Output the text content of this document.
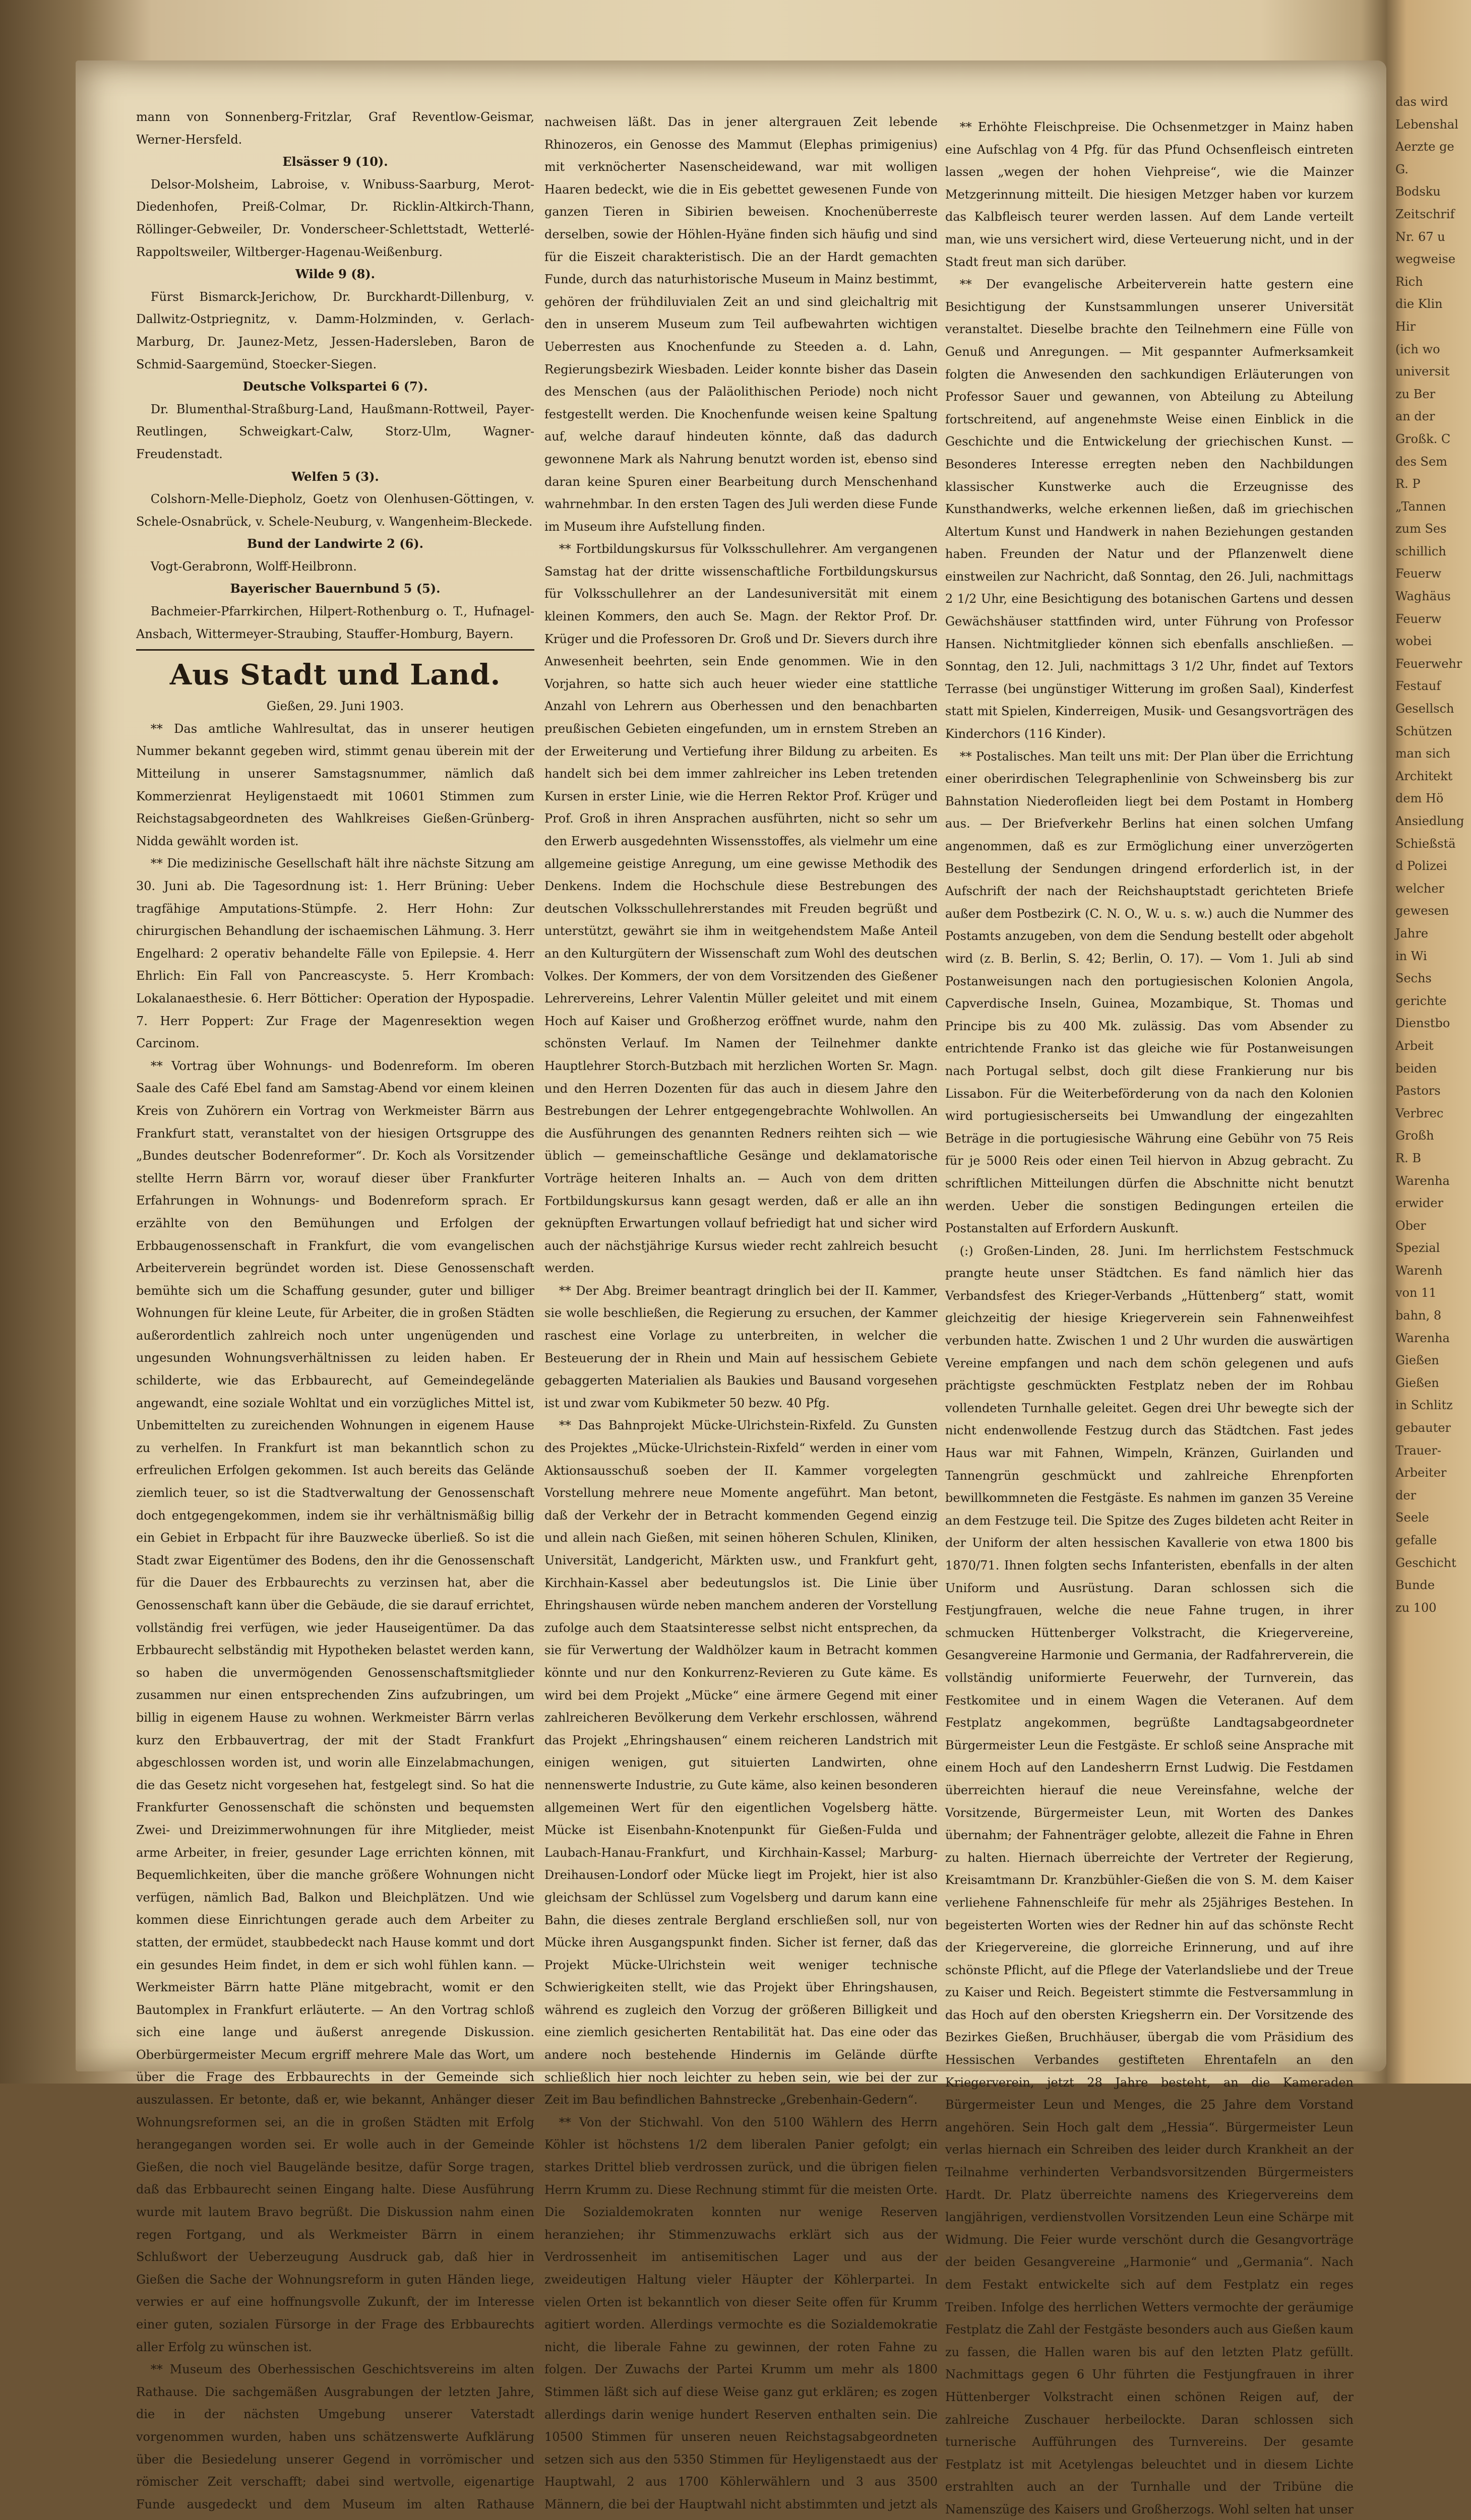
mann von Sonnenberg-Fritzlar, Graf Reventlow-Geismar, Werner-Hersfeld.

Elsässer 9 (10).

Delsor-Molsheim, Labroise, v. Wnibuss-Saarburg, Merot-Diedenhofen, Preiß-Colmar, Dr. Ricklin-Altkirch-Thann, Röllinger-Gebweiler, Dr. Vonderscheer-Schlettstadt, Wetterlé-Rappoltsweiler, Wiltberger-Hagenau-Weißenburg.

Wilde 9 (8).

Fürst Bismarck-Jerichow, Dr. Burckhardt-Dillenburg, v. Dallwitz-Ostpriegnitz, v. Damm-Holzminden, v. Gerlach-Marburg, Dr. Jaunez-Metz, Jessen-Hadersleben, Baron de Schmid-Saargemünd, Stoecker-Siegen.

Deutsche Volkspartei 6 (7).

Dr. Blumenthal-Straßburg-Land, Haußmann-Rottweil, Payer-Reutlingen, Schweigkart-Calw, Storz-Ulm, Wagner-Freudenstadt.

Welfen 5 (3).

Colshorn-Melle-Diepholz, Goetz von Olenhusen-Göttingen, v. Schele-Osnabrück, v. Schele-Neuburg, v. Wangenheim-Bleckede.

Bund der Landwirte 2 (6).

Vogt-Gerabronn, Wolff-Heilbronn.

Bayerischer Bauernbund 5 (5).

Bachmeier-Pfarrkirchen, Hilpert-Rothenburg o. T., Hufnagel-Ansbach, Wittermeyer-Straubing, Stauffer-Homburg, Bayern.

Aus Stadt und Land.

Gießen, 29. Juni 1903.

** Das amtliche Wahlresultat, das in unserer heutigen Nummer bekannt gegeben wird, stimmt genau überein mit der Mitteilung in unserer Samstagsnummer, nämlich daß Kommerzienrat Heyligenstaedt mit 10601 Stimmen zum Reichstagsabgeordneten des Wahlkreises Gießen-Grünberg-Nidda gewählt worden ist.

** Die medizinische Gesellschaft hält ihre nächste Sitzung am 30. Juni ab. Die Tagesordnung ist: 1. Herr Brüning: Ueber tragfähige Amputations-Stümpfe. 2. Herr Hohn: Zur chirurgischen Behandlung der ischaemischen Lähmung. 3. Herr Engelhard: 2 operativ behandelte Fälle von Epilepsie. 4. Herr Ehrlich: Ein Fall von Pancreascyste. 5. Herr Krombach: Lokalanaesthesie. 6. Herr Bötticher: Operation der Hypospadie. 7. Herr Poppert: Zur Frage der Magenresektion wegen Carcinom.

** Vortrag über Wohnungs- und Bodenreform. Im oberen Saale des Café Ebel fand am Samstag-Abend vor einem kleinen Kreis von Zuhörern ein Vortrag von Werkmeister Bärrn aus Frankfurt statt, veranstaltet von der hiesigen Ortsgruppe des „Bundes deutscher Bodenreformer“. Dr. Koch als Vorsitzender stellte Herrn Bärrn vor, worauf dieser über Frankfurter Erfahrungen in Wohnungs- und Bodenreform sprach. Er erzählte von den Bemühungen und Erfolgen der Erbbaugenossenschaft in Frankfurt, die vom evangelischen Arbeiterverein begründet worden ist. Diese Genossenschaft bemühte sich um die Schaffung gesunder, guter und billiger Wohnungen für kleine Leute, für Arbeiter, die in großen Städten außerordentlich zahlreich noch unter ungenügenden und ungesunden Wohnungsverhältnissen zu leiden haben. Er schilderte, wie das Erbbaurecht, auf Gemeindegelände angewandt, eine soziale Wohltat und ein vorzügliches Mittel ist, Unbemittelten zu zureichenden Wohnungen in eigenem Hause zu verhelfen. In Frankfurt ist man bekanntlich schon zu erfreulichen Erfolgen gekommen. Ist auch bereits das Gelände ziemlich teuer, so ist die Stadtverwaltung der Genossenschaft doch entgegengekommen, indem sie ihr verhältnismäßig billig ein Gebiet in Erbpacht für ihre Bauzwecke überließ. So ist die Stadt zwar Eigentümer des Bodens, den ihr die Genossenschaft für die Dauer des Erbbaurechts zu verzinsen hat, aber die Genossenschaft kann über die Gebäude, die sie darauf errichtet, vollständig frei verfügen, wie jeder Hauseigentümer. Da das Erbbaurecht selbständig mit Hypotheken belastet werden kann, so haben die unvermögenden Genossenschaftsmitglieder zusammen nur einen entsprechenden Zins aufzubringen, um billig in eigenem Hause zu wohnen. Werkmeister Bärrn verlas kurz den Erbbauvertrag, der mit der Stadt Frankfurt abgeschlossen worden ist, und worin alle Einzelabmachungen, die das Gesetz nicht vorgesehen hat, festgelegt sind. So hat die Frankfurter Genossenschaft die schönsten und bequemsten Zwei- und Dreizimmerwohnungen für ihre Mitglieder, meist arme Arbeiter, in freier, gesunder Lage errichten können, mit Bequemlichkeiten, über die manche größere Wohnungen nicht verfügen, nämlich Bad, Balkon und Bleichplätzen. Und wie kommen diese Einrichtungen gerade auch dem Arbeiter zu statten, der ermüdet, staubbedeckt nach Hause kommt und dort ein gesundes Heim findet, in dem er sich wohl fühlen kann. — Werkmeister Bärrn hatte Pläne mitgebracht, womit er den Bautomplex in Frankfurt erläuterte. — An den Vortrag schloß sich eine lange und äußerst anregende Diskussion. Oberbürgermeister Mecum ergriff mehrere Male das Wort, um über die Frage des Erbbaurechts in der Gemeinde sich auszulassen. Er betonte, daß er, wie bekannt, Anhänger dieser Wohnungsreformen sei, an die in großen Städten mit Erfolg herangegangen worden sei. Er wolle auch in der Gemeinde Gießen, die noch viel Baugelände besitze, dafür Sorge tragen, daß das Erbbaurecht seinen Eingang halte. Diese Ausführung wurde mit lautem Bravo begrüßt. Die Diskussion nahm einen regen Fortgang, und als Werkmeister Bärrn in einem Schlußwort der Ueberzeugung Ausdruck gab, daß hier in Gießen die Sache der Wohnungsreform in guten Händen liege, verwies er auf eine hoffnungsvolle Zukunft, der im Interesse einer guten, sozialen Fürsorge in der Frage des Erbbaurechts aller Erfolg zu wünschen ist.

** Museum des Oberhessischen Geschichtsvereins im alten Rathause. Die sachgemäßen Ausgrabungen der letzten Jahre, die in der nächsten Umgebung unserer Vaterstadt vorgenommen wurden, haben uns schätzenswerte Aufklärung über die Besiedelung unserer Gegend in vorrömischer und römischer Zeit verschafft; dabei sind wertvolle, eigenartige Funde ausgedeckt und dem Museum im alten Rathause

nachweisen läßt. Das in jener altergrauen Zeit lebende Rhinozeros, ein Genosse des Mammut (Elephas primigenius) mit verknöcherter Nasenscheidewand, war mit wolligen Haaren bedeckt, wie die in Eis gebettet gewesenen Funde von ganzen Tieren in Sibirien beweisen. Knochenüberreste derselben, sowie der Höhlen-Hyäne finden sich häufig und sind für die Eiszeit charakteristisch. Die an der Hardt gemachten Funde, durch das naturhistorische Museum in Mainz bestimmt, gehören der frühdiluvialen Zeit an und sind gleichaltrig mit den in unserem Museum zum Teil aufbewahrten wichtigen Ueberresten aus Knochenfunde zu Steeden a. d. Lahn, Regierungsbezirk Wiesbaden. Leider konnte bisher das Dasein des Menschen (aus der Paläolithischen Periode) noch nicht festgestellt werden. Die Knochenfunde weisen keine Spaltung auf, welche darauf hindeuten könnte, daß das dadurch gewonnene Mark als Nahrung benutzt worden ist, ebenso sind daran keine Spuren einer Bearbeitung durch Menschenhand wahrnehmbar. In den ersten Tagen des Juli werden diese Funde im Museum ihre Aufstellung finden.

** Fortbildungskursus für Volksschullehrer. Am vergangenen Samstag hat der dritte wissenschaftliche Fortbildungskursus für Volksschullehrer an der Landesuniversität mit einem kleinen Kommers, den auch Se. Magn. der Rektor Prof. Dr. Krüger und die Professoren Dr. Groß und Dr. Sievers durch ihre Anwesenheit beehrten, sein Ende genommen. Wie in den Vorjahren, so hatte sich auch heuer wieder eine stattliche Anzahl von Lehrern aus Oberhessen und den benachbarten preußischen Gebieten eingefunden, um in ernstem Streben an der Erweiterung und Vertiefung ihrer Bildung zu arbeiten. Es handelt sich bei dem immer zahlreicher ins Leben tretenden Kursen in erster Linie, wie die Herren Rektor Prof. Krüger und Prof. Groß in ihren Ansprachen ausführten, nicht so sehr um den Erwerb ausgedehnten Wissensstoffes, als vielmehr um eine allgemeine geistige Anregung, um eine gewisse Methodik des Denkens. Indem die Hochschule diese Bestrebungen des deutschen Volksschullehrerstandes mit Freuden begrüßt und unterstützt, gewährt sie ihm in weitgehendstem Maße Anteil an den Kulturgütern der Wissenschaft zum Wohl des deutschen Volkes. Der Kommers, der von dem Vorsitzenden des Gießener Lehrervereins, Lehrer Valentin Müller geleitet und mit einem Hoch auf Kaiser und Großherzog eröffnet wurde, nahm den schönsten Verlauf. Im Namen der Teilnehmer dankte Hauptlehrer Storch-Butzbach mit herzlichen Worten Sr. Magn. und den Herren Dozenten für das auch in diesem Jahre den Bestrebungen der Lehrer entgegengebrachte Wohlwollen. An die Ausführungen des genannten Redners reihten sich — wie üblich — gemeinschaftliche Gesänge und deklamatorische Vorträge heiteren Inhalts an. — Auch von dem dritten Fortbildungskursus kann gesagt werden, daß er alle an ihn geknüpften Erwartungen vollauf befriedigt hat und sicher wird auch der nächstjährige Kursus wieder recht zahlreich besucht werden.

** Der Abg. Breimer beantragt dringlich bei der II. Kammer, sie wolle beschließen, die Regierung zu ersuchen, der Kammer raschest eine Vorlage zu unterbreiten, in welcher die Besteuerung der in Rhein und Main auf hessischem Gebiete gebaggerten Materialien als Baukies und Bausand vorgesehen ist und zwar vom Kubikmeter 50 bezw. 40 Pfg.

** Das Bahnprojekt Mücke-Ulrichstein-Rixfeld. Zu Gunsten des Projektes „Mücke-Ulrichstein-Rixfeld“ werden in einer vom Aktionsausschuß soeben der II. Kammer vorgelegten Vorstellung mehrere neue Momente angeführt. Man betont, daß der Verkehr der in Betracht kommenden Gegend einzig und allein nach Gießen, mit seinen höheren Schulen, Kliniken, Universität, Landgericht, Märkten usw., und Frankfurt geht, Kirchhain-Kassel aber bedeutungslos ist. Die Linie über Ehringshausen würde neben manchem anderen der Vorstellung zufolge auch dem Staatsinteresse selbst nicht entsprechen, da sie für Verwertung der Waldhölzer kaum in Betracht kommen könnte und nur den Konkurrenz-Revieren zu Gute käme. Es wird bei dem Projekt „Mücke“ eine ärmere Gegend mit einer zahlreicheren Bevölkerung dem Verkehr erschlossen, während das Projekt „Ehringshausen“ einem reicheren Landstrich mit einigen wenigen, gut situierten Landwirten, ohne nennenswerte Industrie, zu Gute käme, also keinen besonderen allgemeinen Wert für den eigentlichen Vogelsberg hätte. Mücke ist Eisenbahn-Knotenpunkt für Gießen-Fulda und Laubach-Hanau-Frankfurt, und Kirchhain-Kassel; Marburg-Dreihausen-Londorf oder Mücke liegt im Projekt, hier ist also gleichsam der Schlüssel zum Vogelsberg und darum kann eine Bahn, die dieses zentrale Bergland erschließen soll, nur von Mücke ihren Ausgangspunkt finden. Sicher ist ferner, daß das Projekt Mücke-Ulrichstein weit weniger technische Schwierigkeiten stellt, wie das Projekt über Ehringshausen, während es zugleich den Vorzug der größeren Billigkeit und eine ziemlich gesicherten Rentabilität hat. Das eine oder das andere noch bestehende Hindernis im Gelände dürfte schließlich hier noch leichter zu heben sein, wie bei der zur Zeit im Bau befindlichen Bahnstrecke „Grebenhain-Gedern“.

** Von der Stichwahl. Von den 5100 Wählern des Herrn Köhler ist höchstens 1/2 dem liberalen Panier gefolgt; ein starkes Drittel blieb verdrossen zurück, und die übrigen fielen Herrn Krumm zu. Diese Rechnung stimmt für die meisten Orte. Die Sozialdemokraten konnten nur wenige Reserven heranziehen; ihr Stimmenzuwachs erklärt sich aus der Verdrossenheit im antisemitischen Lager und aus der zweideutigen Haltung vieler Häupter der Köhlerpartei. In vielen Orten ist bekanntlich von dieser Seite offen für Krumm agitiert worden. Allerdings vermochte es die Sozialdemokratie nicht, die liberale Fahne zu gewinnen, der roten Fahne zu folgen. Der Zuwachs der Partei Krumm um mehr als 1800 Stimmen läßt sich auf diese Weise ganz gut erklären; es zogen allerdings darin wenige hundert Reserven enthalten sein. Die 10500 Stimmen für unseren neuen Reichstagsabgeordneten setzen sich aus den 5350 Stimmen für Heyligenstaedt aus der Hauptwahl, 2 aus 1700 Köhlerwählern und 3 aus 3500 Männern, die bei der Hauptwahl nicht abstimmten und jetzt als

** Erhöhte Fleischpreise. Die Ochsenmetzger in Mainz haben eine Aufschlag von 4 Pfg. für das Pfund Ochsenfleisch eintreten lassen „wegen der hohen Viehpreise“, wie die Mainzer Metzgerinnung mitteilt. Die hiesigen Metzger haben vor kurzem das Kalbfleisch teurer werden lassen. Auf dem Lande verteilt man, wie uns versichert wird, diese Verteuerung nicht, und in der Stadt freut man sich darüber.

** Der evangelische Arbeiterverein hatte gestern eine Besichtigung der Kunstsammlungen unserer Universität veranstaltet. Dieselbe brachte den Teilnehmern eine Fülle von Genuß und Anregungen. — Mit gespannter Aufmerksamkeit folgten die Anwesenden den sachkundigen Erläuterungen von Professor Sauer und gewannen, von Abteilung zu Abteilung fortschreitend, auf angenehmste Weise einen Einblick in die Geschichte und die Entwickelung der griechischen Kunst. — Besonderes Interesse erregten neben den Nachbildungen klassischer Kunstwerke auch die Erzeugnisse des Kunsthandwerks, welche erkennen ließen, daß im griechischen Altertum Kunst und Handwerk in nahen Beziehungen gestanden haben. Freunden der Natur und der Pflanzenwelt diene einstweilen zur Nachricht, daß Sonntag, den 26. Juli, nachmittags 2 1/2 Uhr, eine Besichtigung des botanischen Gartens und dessen Gewächshäuser stattfinden wird, unter Führung von Professor Hansen. Nichtmitglieder können sich ebenfalls anschließen. — Sonntag, den 12. Juli, nachmittags 3 1/2 Uhr, findet auf Textors Terrasse (bei ungünstiger Witterung im großen Saal), Kinderfest statt mit Spielen, Kinderreigen, Musik- und Gesangsvorträgen des Kinderchors (116 Kinder).

** Postalisches. Man teilt uns mit: Der Plan über die Errichtung einer oberirdischen Telegraphenlinie von Schweinsberg bis zur Bahnstation Niederofleiden liegt bei dem Postamt in Homberg aus. — Der Briefverkehr Berlins hat einen solchen Umfang angenommen, daß es zur Ermöglichung einer unverzögerten Bestellung der Sendungen dringend erforderlich ist, in der Aufschrift der nach der Reichshauptstadt gerichteten Briefe außer dem Postbezirk (C. N. O., W. u. s. w.) auch die Nummer des Postamts anzugeben, von dem die Sendung bestellt oder abgeholt wird (z. B. Berlin, S. 42; Berlin, O. 17). — Vom 1. Juli ab sind Postanweisungen nach den portugiesischen Kolonien Angola, Capverdische Inseln, Guinea, Mozambique, St. Thomas und Principe bis zu 400 Mk. zulässig. Das vom Absender zu entrichtende Franko ist das gleiche wie für Postanweisungen nach Portugal selbst, doch gilt diese Frankierung nur bis Lissabon. Für die Weiterbeförderung von da nach den Kolonien wird portugiesischerseits bei Umwandlung der eingezahlten Beträge in die portugiesische Währung eine Gebühr von 75 Reis für je 5000 Reis oder einen Teil hiervon in Abzug gebracht. Zu schriftlichen Mitteilungen dürfen die Abschnitte nicht benutzt werden. Ueber die sonstigen Bedingungen erteilen die Postanstalten auf Erfordern Auskunft.

(:) Großen-Linden, 28. Juni. Im herrlichstem Festschmuck prangte heute unser Städtchen. Es fand nämlich hier das Verbandsfest des Krieger-Verbands „Hüttenberg“ statt, womit gleichzeitig der hiesige Kriegerverein sein Fahnenweihfest verbunden hatte. Zwischen 1 und 2 Uhr wurden die auswärtigen Vereine empfangen und nach dem schön gelegenen und aufs prächtigste geschmückten Festplatz neben der im Rohbau vollendeten Turnhalle geleitet. Gegen drei Uhr bewegte sich der nicht endenwollende Festzug durch das Städtchen. Fast jedes Haus war mit Fahnen, Wimpeln, Kränzen, Guirlanden und Tannengrün geschmückt und zahlreiche Ehrenpforten bewillkommneten die Festgäste. Es nahmen im ganzen 35 Vereine an dem Festzuge teil. Die Spitze des Zuges bildeten acht Reiter in der Uniform der alten hessischen Kavallerie von etwa 1800 bis 1870/71. Ihnen folgten sechs Infanteristen, ebenfalls in der alten Uniform und Ausrüstung. Daran schlossen sich die Festjungfrauen, welche die neue Fahne trugen, in ihrer schmucken Hüttenberger Volkstracht, die Kriegervereine, Gesangvereine Harmonie und Germania, der Radfahrerverein, die vollständig uniformierte Feuerwehr, der Turnverein, das Festkomitee und in einem Wagen die Veteranen. Auf dem Festplatz angekommen, begrüßte Landtagsabgeordneter Bürgermeister Leun die Festgäste. Er schloß seine Ansprache mit einem Hoch auf den Landesherrn Ernst Ludwig. Die Festdamen überreichten hierauf die neue Vereinsfahne, welche der Vorsitzende, Bürgermeister Leun, mit Worten des Dankes übernahm; der Fahnenträger gelobte, allezeit die Fahne in Ehren zu halten. Hiernach überreichte der Vertreter der Regierung, Kreisamtmann Dr. Kranzbühler-Gießen die von S. M. dem Kaiser verliehene Fahnenschleife für mehr als 25jähriges Bestehen. In begeisterten Worten wies der Redner hin auf das schönste Recht der Kriegervereine, die glorreiche Erinnerung, und auf ihre schönste Pflicht, auf die Pflege der Vaterlandsliebe und der Treue zu Kaiser und Reich. Begeistert stimmte die Festversammlung in das Hoch auf den obersten Kriegsherrn ein. Der Vorsitzende des Bezirkes Gießen, Bruchhäuser, übergab die vom Präsidium des Hessischen Verbandes gestifteten Ehrentafeln an den Kriegerverein, jetzt 28 Jahre besteht, an die Kameraden Bürgermeister Leun und Menges, die 25 Jahre dem Vorstand angehören. Sein Hoch galt dem „Hessia“. Bürgermeister Leun verlas hiernach ein Schreiben des leider durch Krankheit an der Teilnahme verhinderten Verbandsvorsitzenden Bürgermeisters Hardt. Dr. Platz überreichte namens des Kriegervereins dem langjährigen, verdienstvollen Vorsitzenden Leun eine Schärpe mit Widmung. Die Feier wurde verschönt durch die Gesangvorträge der beiden Gesangvereine „Harmonie“ und „Germania“. Nach dem Festakt entwickelte sich auf dem Festplatz ein reges Treiben. Infolge des herrlichen Wetters vermochte der geräumige Festplatz die Zahl der Festgäste besonders auch aus Gießen kaum zu fassen, die Hallen waren bis auf den letzten Platz gefüllt. Nachmittags gegen 6 Uhr führten die Festjungfrauen in ihrer Hüttenberger Volkstracht einen schönen Reigen auf, der zahlreiche Zuschauer herbeilockte. Daran schlossen sich turnerische Aufführungen des Turnvereins. Der gesamte Festplatz ist mit Acetylengas beleuchtet und in diesem Lichte erstrahlten auch an der Turnhalle und der Tribüne die Namenszüge des Kaisers und Großherzogs. Wohl selten hat unser

das wird
Lebenshal
Aerzte ge
G.
Bodsku
Zeitschrif
Nr. 67 u
wegweise
Rich
die Klin
Hir
(ich wo
universit
zu Ber
an der
Großk. C
des Sem
R. P
„Tannen
zum Ses
schillich
Feuerw
Waghäus
Feuerw
wobei
Feuerwehr
Festauf
Gesellsch
Schützen
man sich
Architekt
dem Hö
Ansiedlung
Schießstä
d Polizei
welcher
gewesen
Jahre
in Wi
Sechs
gerichte
Dienstbo
Arbeit
beiden
Pastors
Verbrec
Großh
R. B
Warenha
erwider
Ober
Spezial
Warenh
von 11
bahn, 8
Warenha
Gießen
Gießen
in Schlitz
gebauter
Trauer-
Arbeiter
der
Seele
gefalle
Geschicht
Bunde
zu 100
